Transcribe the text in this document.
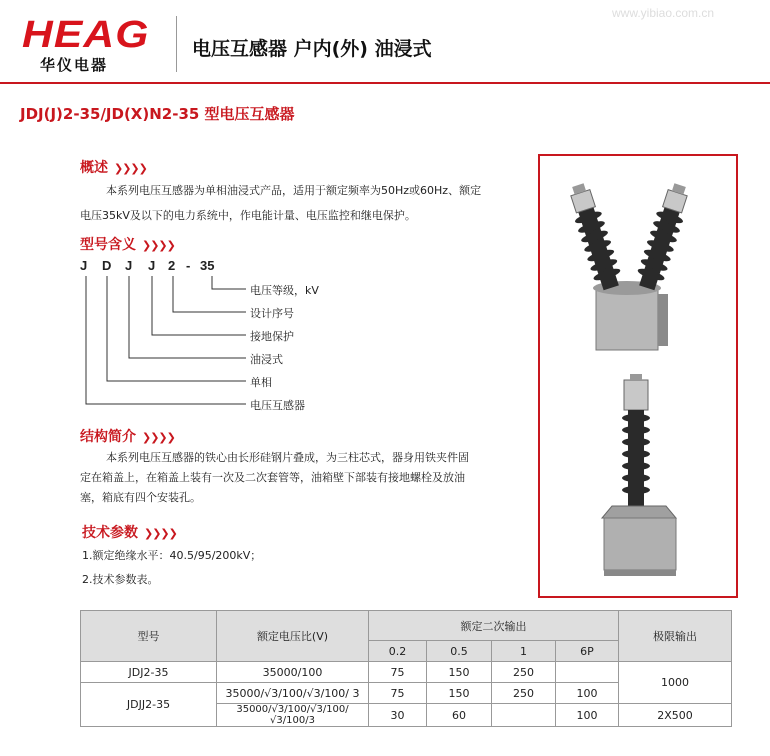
HEAG
华仪电器
电压互感器 户内(外) 油浸式
www.yibiao.com.cn
JDJ(J)2-35/JD(X)N2-35 型电压互感器
概述 ❯❯❯❯
本系列电压互感器为单相油浸式产品，适用于额定频率为50Hz或60Hz、额定
电压35kV及以下的电力系统中，作电能计量、电压监控和继电保护。
型号含义 ❯❯❯❯
J D J J 2 - 35
电压等级，kV
设计序号
接地保护
油浸式
单相
电压互感器
结构简介 ❯❯❯❯
本系列电压互感器的铁心由长形硅钢片叠成，为三柱芯式，器身用铁夹件固
定在箱盖上，在箱盖上装有一次及二次套管等，油箱壁下部装有接地螺栓及放油
塞，箱底有四个安装孔。
技术参数 ❯❯❯❯
1.额定绝缘水平：40.5/95/200kV；
2.技术参数表。
型号	额定电压比(V)	额定二次输出				极限输出
		0.2	0.5	1	6P	
JDJ2-35	35000/100	75	150	250		1000
JDJJ2-35	35000/√3/100/√3/100/ 3	75	150	250	100	
	35000/√3/100/√3/100/√3/100/3	30	60		100	2X500
